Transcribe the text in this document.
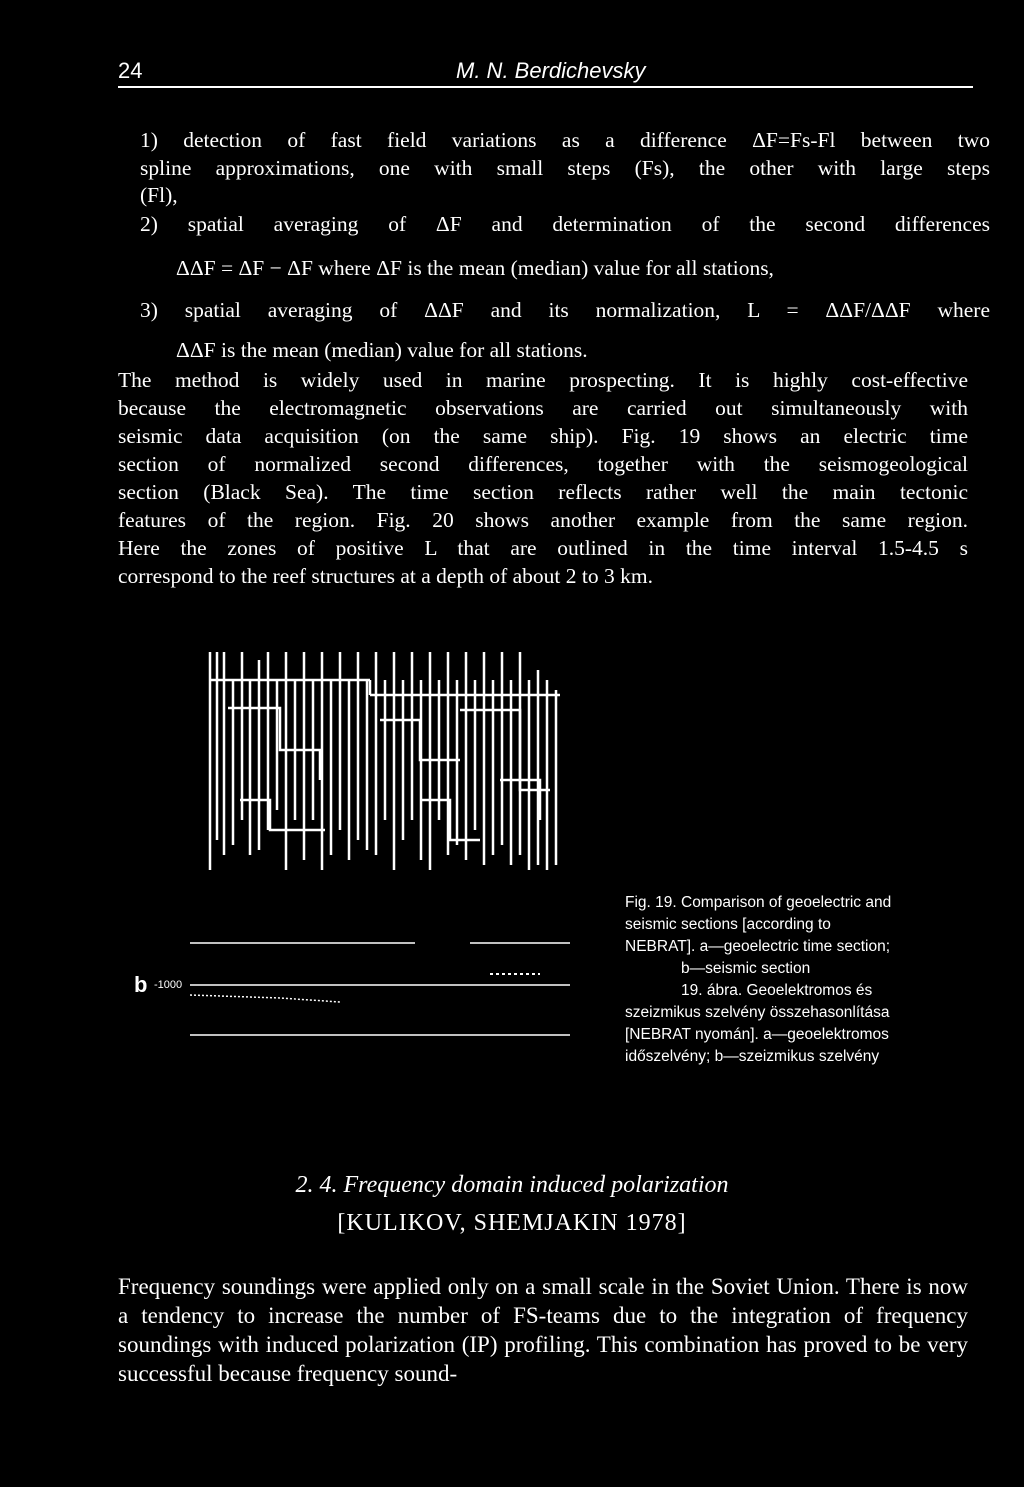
24	M. N. Berdichevsky
1) detection of fast field variations as a difference ΔF=Fs-Fl between two
spline approximations, one with small steps (Fs), the other with large steps
(Fl),
2) spatial averaging of ΔF and determination of the second differences
ΔΔF = ΔF − ΔF where ΔF is the mean (median) value for all stations,
3) spatial averaging of ΔΔF and its normalization, L = ΔΔF/ΔΔF where
ΔΔF is the mean (median) value for all stations.
The method is widely used in marine prospecting. It is highly cost-effective
because the electromagnetic observations are carried out simultaneously with
seismic data acquisition (on the same ship). Fig. 19 shows an electric time
section of normalized second differences, together with the seismogeological
section (Black Sea). The time section reflects rather well the main tectonic
features of the region. Fig. 20 shows another example from the same region.
Here the zones of positive L that are outlined in the time interval 1.5-4.5 s
correspond to the reef structures at a depth of about 2 to 3 km.
b -1000
Fig. 19. Comparison of geoelectric and
seismic sections [according to
NEBRAT]. a—geoelectric time section;
b—seismic section
19. ábra. Geoelektromos és
szeizmikus szelvény összehasonlítása
[NEBRAT nyomán]. a—geoelektromos
időszelvény; b—szeizmikus szelvény
2. 4. Frequency domain induced polarization
[KULIKOV, SHEMJAKIN 1978]
Frequency soundings were applied only on a small scale in the Soviet Union. There is now a tendency to increase the number of FS-teams due to the integration of frequency soundings with induced polarization (IP) profiling. This combination has proved to be very successful because frequency sound-
